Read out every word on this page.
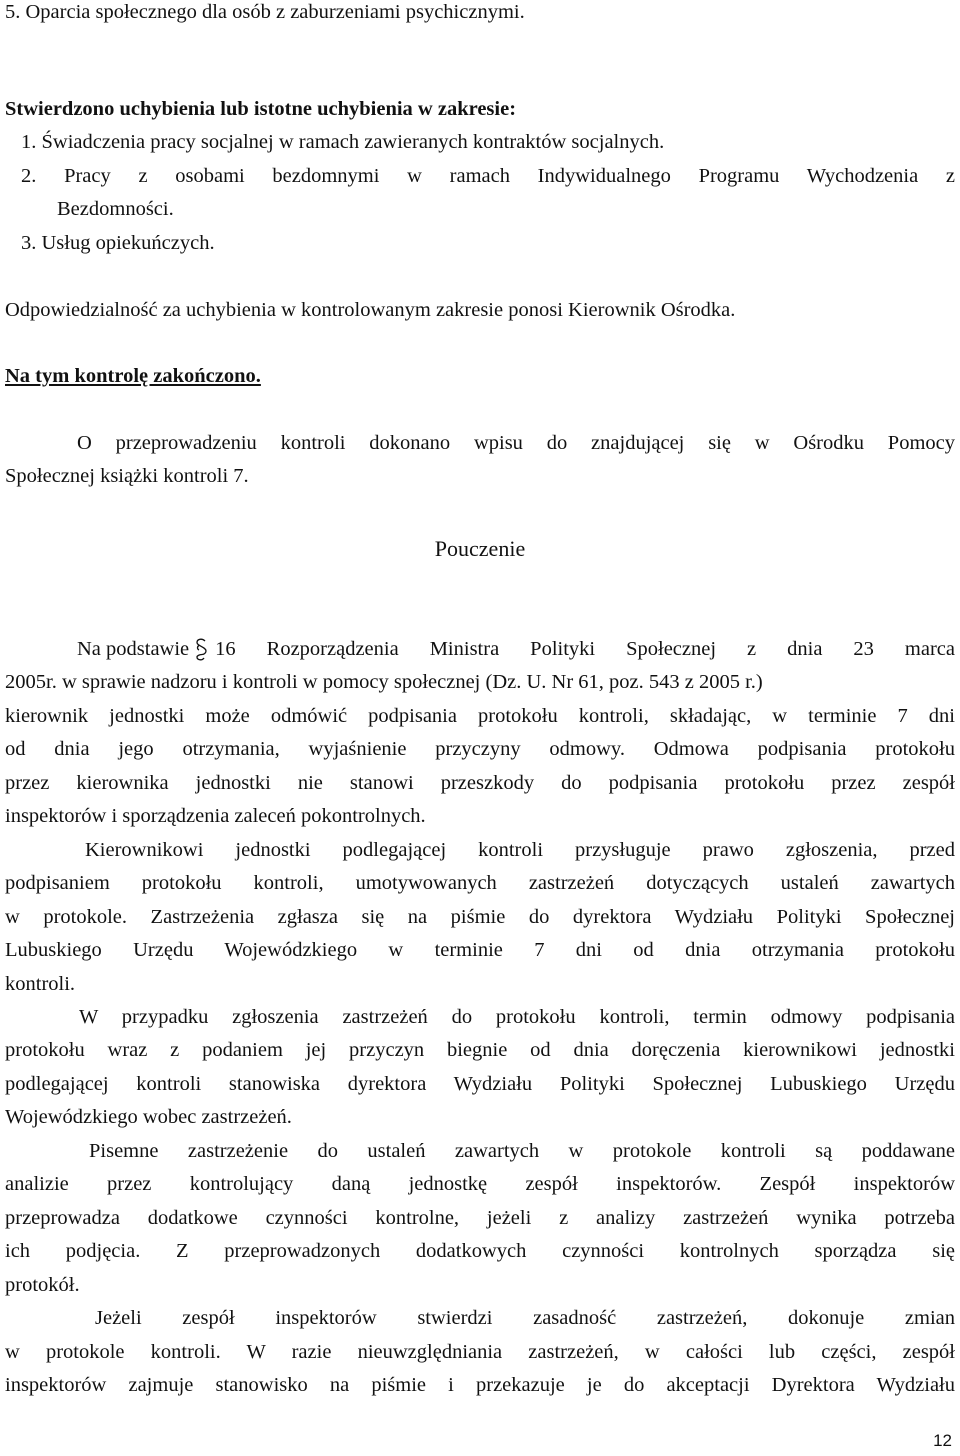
5. Oparcia społecznego dla osób z zaburzeniami psychicznymi.
Stwierdzono uchybienia lub istotne uchybienia w zakresie:
1. Świadczenia pracy socjalnej w ramach zawieranych kontraktów socjalnych.
2. Pracy z osobami bezdomnymi w ramach Indywidualnego Programu Wychodzenia z
Bezdomności.
3. Usług opiekuńczych.
Odpowiedzialność za uchybienia w kontrolowanym zakresie ponosi Kierownik Ośrodka.
Na tym kontrolę zakończono.
O przeprowadzeniu kontroli dokonano wpisu do znajdującej się w Ośrodku Pomocy
Społecznej książki kontroli 7.
Pouczenie
Na podstawie 16 Rozporządzenia Ministra Polityki Społecznej z dnia 23 marca
2005r. w sprawie nadzoru i kontroli w pomocy społecznej (Dz. U. Nr 61, poz. 543 z 2005 r.)
kierownik jednostki może odmówić podpisania protokołu kontroli, składając, w terminie 7 dni
od dnia jego otrzymania, wyjaśnienie przyczyny odmowy. Odmowa podpisania protokołu
przez kierownika jednostki nie stanowi przeszkody do podpisania protokołu przez zespół
inspektorów i sporządzenia zaleceń pokontrolnych.
Kierownikowi jednostki podlegającej kontroli przysługuje prawo zgłoszenia, przed
podpisaniem protokołu kontroli, umotywowanych zastrzeżeń dotyczących ustaleń zawartych
w protokole. Zastrzeżenia zgłasza się na piśmie do dyrektora Wydziału Polityki Społecznej
Lubuskiego Urzędu Wojewódzkiego w terminie 7 dni od dnia otrzymania protokołu
kontroli.
W przypadku zgłoszenia zastrzeżeń do protokołu kontroli, termin odmowy podpisania
protokołu wraz z podaniem jej przyczyn biegnie od dnia doręczenia kierownikowi jednostki
podlegającej kontroli stanowiska dyrektora Wydziału Polityki Społecznej Lubuskiego Urzędu
Wojewódzkiego wobec zastrzeżeń.
Pisemne zastrzeżenie do ustaleń zawartych w protokole kontroli są poddawane
analizie przez kontrolujący daną jednostkę zespół inspektorów. Zespół inspektorów
przeprowadza dodatkowe czynności kontrolne, jeżeli z analizy zastrzeżeń wynika potrzeba
ich podjęcia. Z przeprowadzonych dodatkowych czynności kontrolnych sporządza się
protokół.
Jeżeli zespół inspektorów stwierdzi zasadność zastrzeżeń, dokonuje zmian
w protokole kontroli. W razie nieuwzględniania zastrzeżeń, w całości lub części, zespół
inspektorów zajmuje stanowisko na piśmie i przekazuje je do akceptacji Dyrektora Wydziału
12
